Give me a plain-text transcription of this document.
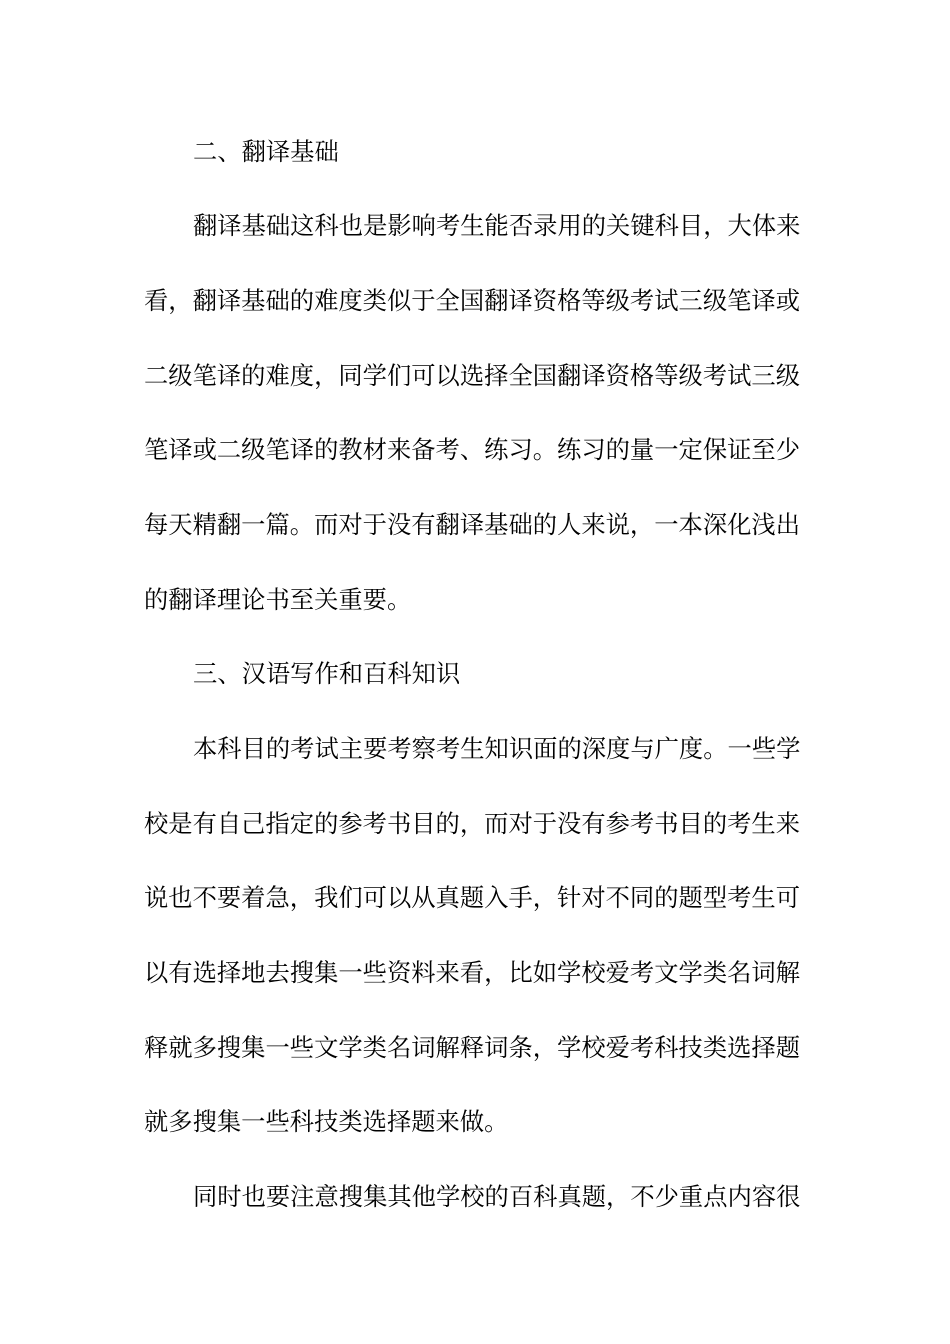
二、翻译基础
翻译基础这科也是影响考生能否录用的关键科目，大体来
看，翻译基础的难度类似于全国翻译资格等级考试三级笔译或
二级笔译的难度，同学们可以选择全国翻译资格等级考试三级
笔译或二级笔译的教材来备考、练习。练习的量一定保证至少
每天精翻一篇。而对于没有翻译基础的人来说，一本深化浅出
的翻译理论书至关重要。
三、汉语写作和百科知识
本科目的考试主要考察考生知识面的深度与广度。一些学
校是有自己指定的参考书目的，而对于没有参考书目的考生来
说也不要着急，我们可以从真题入手，针对不同的题型考生可
以有选择地去搜集一些资料来看，比如学校爱考文学类名词解
释就多搜集一些文学类名词解释词条，学校爱考科技类选择题
就多搜集一些科技类选择题来做。
同时也要注意搜集其他学校的百科真题，不少重点内容很
